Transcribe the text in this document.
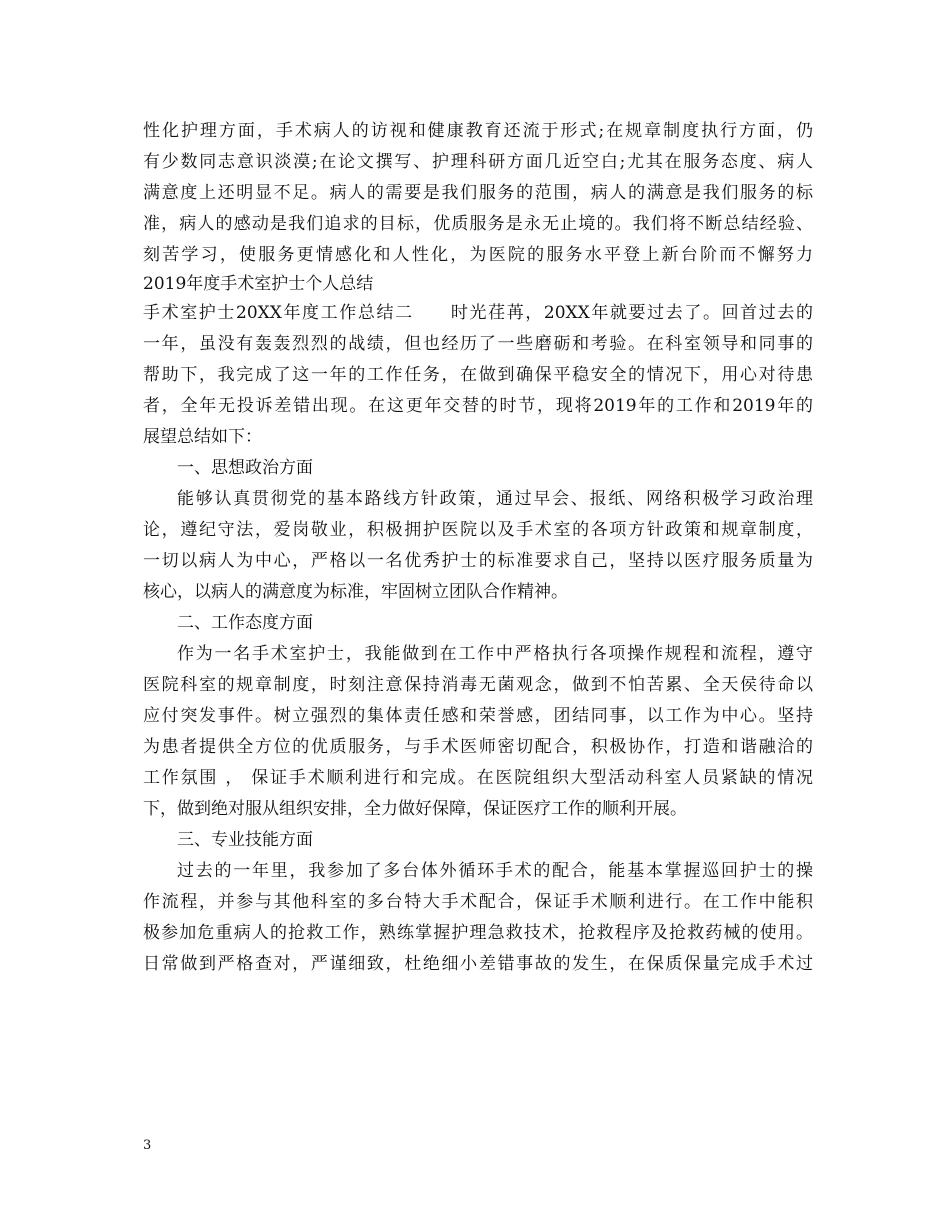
性化护理方面，手术病人的访视和健康教育还流于形式;在规章制度执行方面，仍
有少数同志意识淡漠;在论文撰写、护理科研方面几近空白;尤其在服务态度、病人
满意度上还明显不足。病人的需要是我们服务的范围，病人的满意是我们服务的标
准，病人的感动是我们追求的目标，优质服务是永无止境的。我们将不断总结经验、
刻苦学习，使服务更情感化和人性化，为医院的服务水平登上新台阶而不懈努力
2019年度手术室护士个人总结
手术室护士20XX年度工作总结二　　时光荏苒，20XX年就要过去了。回首过去的
一年，虽没有轰轰烈烈的战绩，但也经历了一些磨砺和考验。在科室领导和同事的
帮助下，我完成了这一年的工作任务，在做到确保平稳安全的情况下，用心对待患
者，全年无投诉差错出现。在这更年交替的时节，现将2019年的工作和2019年的
展望总结如下：
一、思想政治方面
能够认真贯彻党的基本路线方针政策，通过早会、报纸、网络积极学习政治理
论，遵纪守法，爱岗敬业，积极拥护医院以及手术室的各项方针政策和规章制度，
一切以病人为中心，严格以一名优秀护士的标准要求自己，坚持以医疗服务质量为
核心，以病人的满意度为标准，牢固树立团队合作精神。
二、工作态度方面
作为一名手术室护士，我能做到在工作中严格执行各项操作规程和流程，遵守
医院科室的规章制度，时刻注意保持消毒无菌观念，做到不怕苦累、全天侯待命以
应付突发事件。树立强烈的集体责任感和荣誉感，团结同事，以工作为中心。坚持
为患者提供全方位的优质服务，与手术医师密切配合，积极协作，打造和谐融洽的
工作氛围 ， 保证手术顺利进行和完成。在医院组织大型活动科室人员紧缺的情况
下，做到绝对服从组织安排，全力做好保障，保证医疗工作的顺利开展。
三、专业技能方面
过去的一年里，我参加了多台体外循环手术的配合，能基本掌握巡回护士的操
作流程，并参与其他科室的多台特大手术配合，保证手术顺利进行。在工作中能积
极参加危重病人的抢救工作，熟练掌握护理急救技术，抢救程序及抢救药械的使用。
日常做到严格查对，严谨细致，杜绝细小差错事故的发生，在保质保量完成手术过
3
